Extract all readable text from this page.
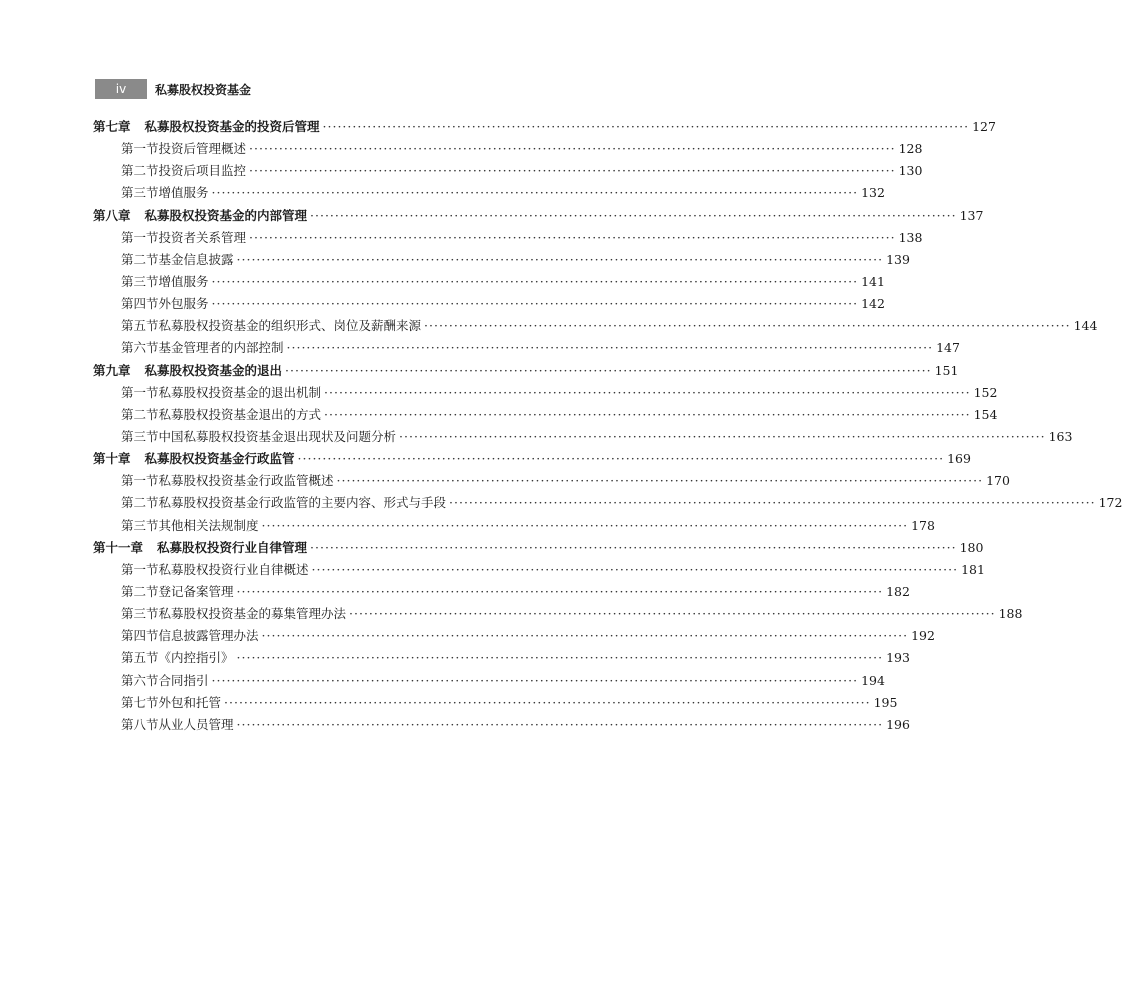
iv	私募股权投资基金
第七章 私募股权投资基金的投资后管理 ·····	127
第一节 投资后管理概述 ·····	128
第二节 投资后项目监控 ·····	130
第三节 增值服务 ·····	132
第八章 私募股权投资基金的内部管理 ·····	137
第一节 投资者关系管理 ·····	138
第二节 基金信息披露 ·····	139
第三节 增值服务 ·····	141
第四节 外包服务 ·····	142
第五节 私募股权投资基金的组织形式、岗位及薪酬来源 ·····	144
第六节 基金管理者的内部控制 ·····	147
第九章 私募股权投资基金的退出 ·····	151
第一节 私募股权投资基金的退出机制 ·····	152
第二节 私募股权投资基金退出的方式 ·····	154
第三节 中国私募股权投资基金退出现状及问题分析 ·····	163
第十章 私募股权投资基金行政监管 ·····	169
第一节 私募股权投资基金行政监管概述 ·····	170
第二节 私募股权投资基金行政监管的主要内容、形式与手段 ·····	172
第三节 其他相关法规制度 ·····	178
第十一章 私募股权投资行业自律管理 ·····	180
第一节 私募股权投资行业自律概述 ·····	181
第二节 登记备案管理 ·····	182
第三节 私募股权投资基金的募集管理办法 ·····	188
第四节 信息披露管理办法 ·····	192
第五节 《内控指引》 ·····	193
第六节 合同指引 ·····	194
第七节 外包和托管 ·····	195
第八节 从业人员管理 ·····	196
